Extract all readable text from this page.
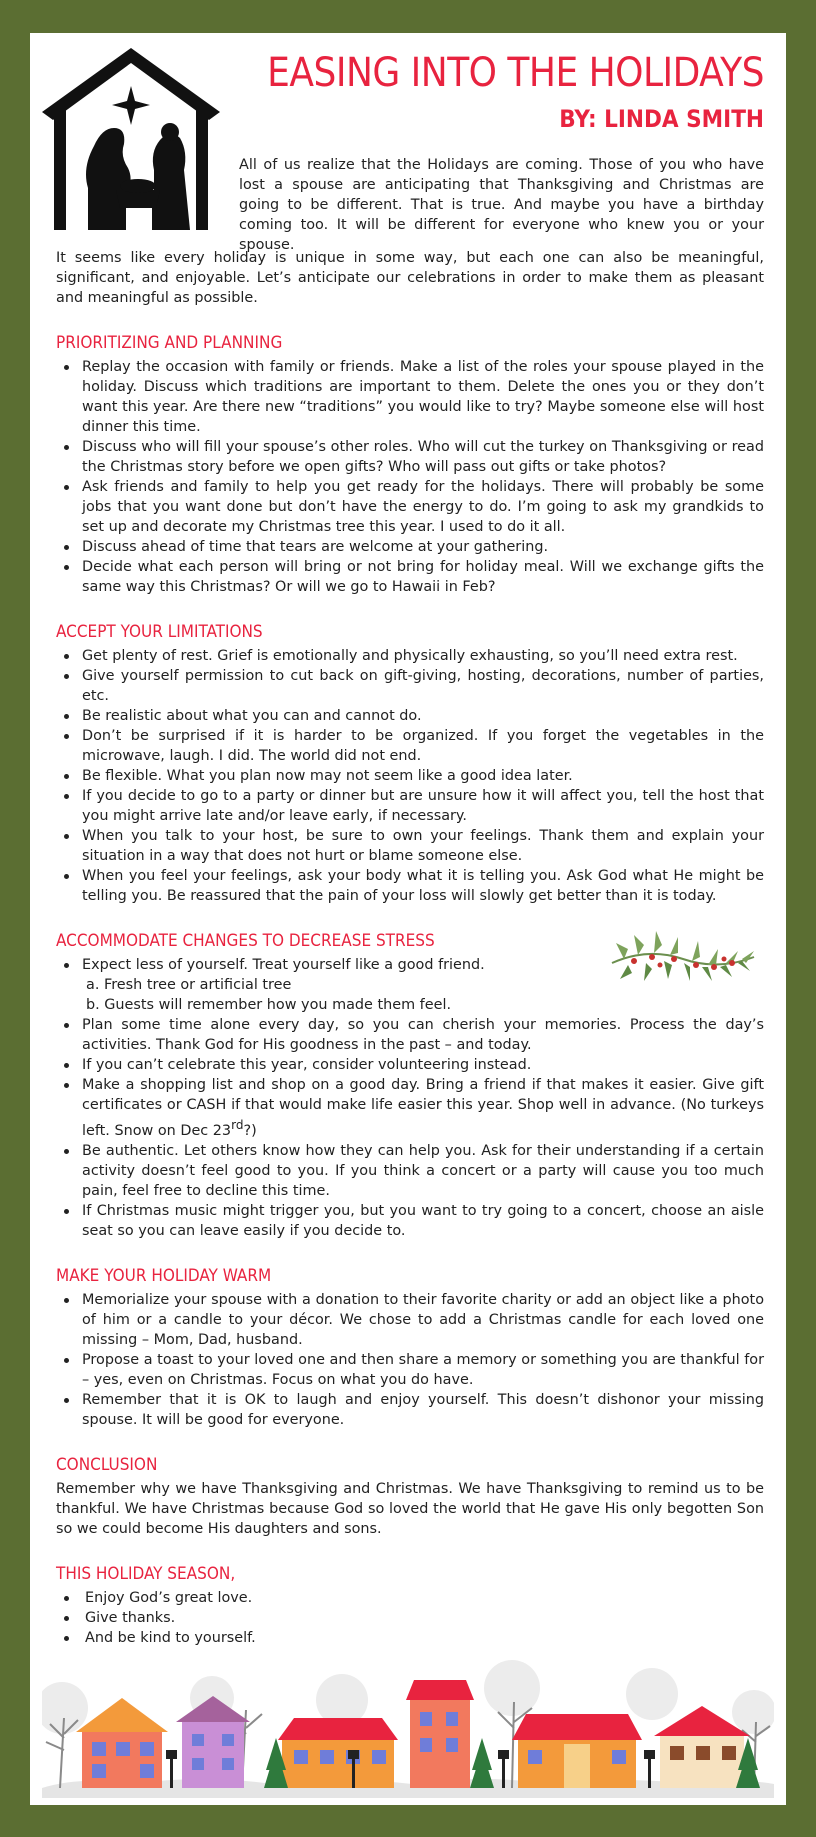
EASING INTO THE HOLIDAYS
BY: LINDA SMITH

All of us realize that the Holidays are coming. Those of you who have lost a spouse are anticipating that Thanksgiving and Christmas are going to be different. That is true. And maybe you have a birthday coming too. It will be different for everyone who knew you or your spouse.

It seems like every holiday is unique in some way, but each one can also be meaningful, significant, and enjoyable. Let’s anticipate our celebrations in order to make them as pleasant and meaningful as possible.

PRIORITIZING AND PLANNING
Replay the occasion with family or friends. Make a list of the roles your spouse played in the holiday. Discuss which traditions are important to them. Delete the ones you or they don’t want this year. Are there new “traditions” you would like to try? Maybe someone else will host dinner this time.
Discuss who will fill your spouse’s other roles. Who will cut the turkey on Thanksgiving or read the Christmas story before we open gifts? Who will pass out gifts or take photos?
Ask friends and family to help you get ready for the holidays. There will probably be some jobs that you want done but don’t have the energy to do. I’m going to ask my grandkids to set up and decorate my Christmas tree this year. I used to do it all.
Discuss ahead of time that tears are welcome at your gathering.
Decide what each person will bring or not bring for holiday meal. Will we exchange gifts the same way this Christmas? Or will we go to Hawaii in Feb?
ACCEPT YOUR LIMITATIONS
Get plenty of rest. Grief is emotionally and physically exhausting, so you’ll need extra rest.
Give yourself permission to cut back on gift-giving, hosting, decorations, number of parties, etc.
Be realistic about what you can and cannot do.
Don’t be surprised if it is harder to be organized. If you forget the vegetables in the microwave, laugh. I did. The world did not end.
Be flexible. What you plan now may not seem like a good idea later.
If you decide to go to a party or dinner but are unsure how it will affect you, tell the host that you might arrive late and/or leave early, if necessary.
When you talk to your host, be sure to own your feelings. Thank them and explain your situation in a way that does not hurt or blame someone else.
When you feel your feelings, ask your body what it is telling you. Ask God what He might be telling you. Be reassured that the pain of your loss will slowly get better than it is today.
ACCOMMODATE CHANGES TO DECREASE STRESS
Expect less of yourself. Treat yourself like a good friend.
a. Fresh tree or artificial tree
b. Guests will remember how you made them feel.
Plan some time alone every day, so you can cherish your memories. Process the day’s activities. Thank God for His goodness in the past – and today.
If you can’t celebrate this year, consider volunteering instead.
Make a shopping list and shop on a good day. Bring a friend if that makes it easier. Give gift certificates or CASH if that would make life easier this year. Shop well in advance. (No turkeys left. Snow on Dec 23rd?)
Be authentic. Let others know how they can help you. Ask for their understanding if a certain activity doesn’t feel good to you. If you think a concert or a party will cause you too much pain, feel free to decline this time.
If Christmas music might trigger you, but you want to try going to a concert, choose an aisle seat so you can leave easily if you decide to.
MAKE YOUR HOLIDAY WARM
Memorialize your spouse with a donation to their favorite charity or add an object like a photo of him or a candle to your décor. We chose to add a Christmas candle for each loved one missing – Mom, Dad, husband.
Propose a toast to your loved one and then share a memory or something you are thankful for – yes, even on Christmas. Focus on what you do have.
Remember that it is OK to laugh and enjoy yourself. This doesn’t dishonor your missing spouse. It will be good for everyone.
CONCLUSION

Remember why we have Thanksgiving and Christmas. We have Thanksgiving to remind us to be thankful. We have Christmas because God so loved the world that He gave His only begotten Son so we could become His daughters and sons.

THIS HOLIDAY SEASON,
Enjoy God’s great love.
Give thanks.
And be kind to yourself.
